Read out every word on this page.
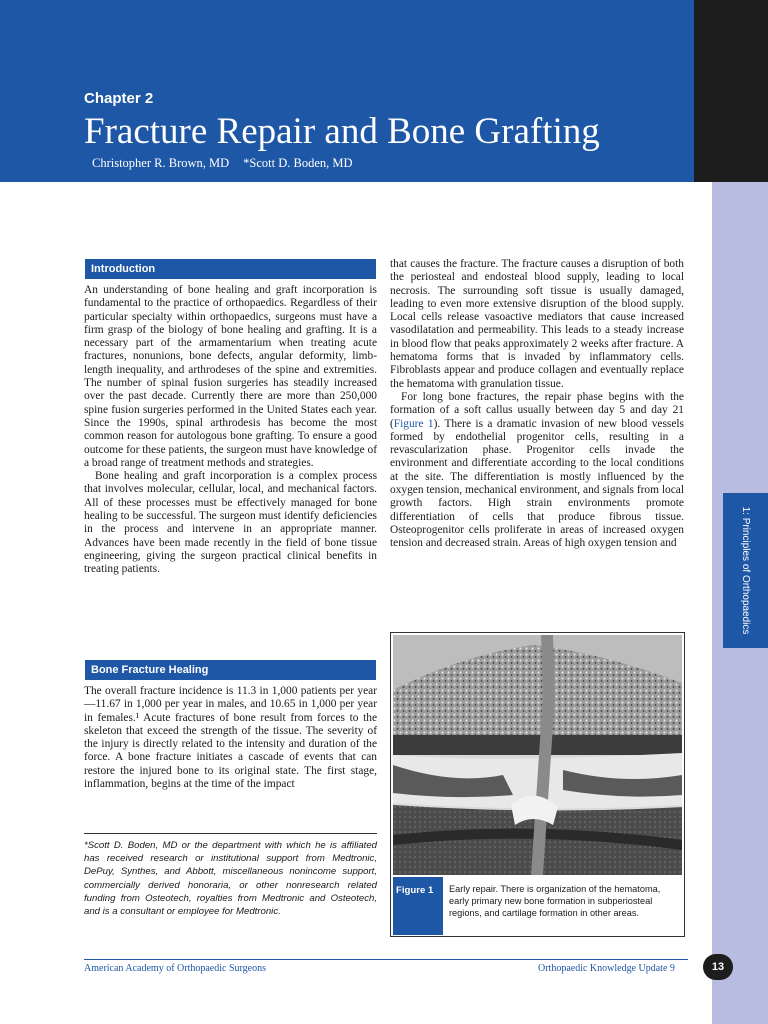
Chapter 2
Fracture Repair and Bone Grafting
Christopher R. Brown, MD *Scott D. Boden, MD
1: Principles of Orthopaedics
Introduction

An understanding of bone healing and graft incorporation is fundamental to the practice of orthopaedics. Regardless of their particular specialty within orthopaedics, surgeons must have a firm grasp of the biology of bone healing and grafting. It is a necessary part of the armamentarium when treating acute fractures, nonunions, bone defects, angular deformity, limb-length inequality, and arthrodeses of the spine and extremities. The number of spinal fusion surgeries has steadily increased over the past decade. Currently there are more than 250,000 spine fusion surgeries performed in the United States each year. Since the 1990s, spinal arthrodesis has become the most common reason for autologous bone grafting. To ensure a good outcome for these patients, the surgeon must have knowledge of a broad range of treatment methods and strategies.

Bone healing and graft incorporation is a complex process that involves molecular, cellular, local, and mechanical factors. All of these processes must be effectively managed for bone healing to be successful. The surgeon must identify deficiencies in the process and intervene in an appropriate manner. Advances have been made recently in the field of bone tissue engineering, giving the surgeon practical clinical benefits in treating patients.

Bone Fracture Healing

The overall fracture incidence is 11.3 in 1,000 patients per year—11.67 in 1,000 per year in males, and 10.65 in 1,000 per year in females.¹ Acute fractures of bone result from forces to the skeleton that exceed the strength of the tissue. The severity of the injury is directly related to the intensity and duration of the force. A bone fracture initiates a cascade of events that can restore the injured bone to its original state. The first stage, inflammation, begins at the time of the impact

*Scott D. Boden, MD or the department with which he is affiliated has received research or institutional support from Medtronic, DePuy, Synthes, and Abbott, miscellaneous nonincome support, commercially derived honoraria, or other nonresearch related funding from Osteotech, royalties from Medtronic and Osteotech, and is a consultant or employee for Medtronic.

that causes the fracture. The fracture causes a disruption of both the periosteal and endosteal blood supply, leading to local necrosis. The surrounding soft tissue is usually damaged, leading to even more extensive disruption of the blood supply. Local cells release vasoactive mediators that cause increased vasodilatation and permeability. This leads to a steady increase in blood flow that peaks approximately 2 weeks after fracture. A hematoma forms that is invaded by inflammatory cells. Fibroblasts appear and produce collagen and eventually replace the hematoma with granulation tissue.

For long bone fractures, the repair phase begins with the formation of a soft callus usually between day 5 and day 21 (Figure 1). There is a dramatic invasion of new blood vessels formed by endothelial progenitor cells, resulting in a revascularization phase. Progenitor cells invade the environment and differentiate according to the local conditions at the site. The differentiation is mostly influenced by the oxygen tension, mechanical environment, and signals from local growth factors. High strain environments promote differentiation of cells that produce fibrous tissue. Osteoprogenitor cells proliferate in areas of increased oxygen tension and decreased strain. Areas of high oxygen tension and

Figure 1	Early repair. There is organization of the hematoma, early primary new bone formation in subperiosteal regions, and cartilage formation in other areas.
American Academy of Orthopaedic Surgeons	Orthopaedic Knowledge Update 9	13
